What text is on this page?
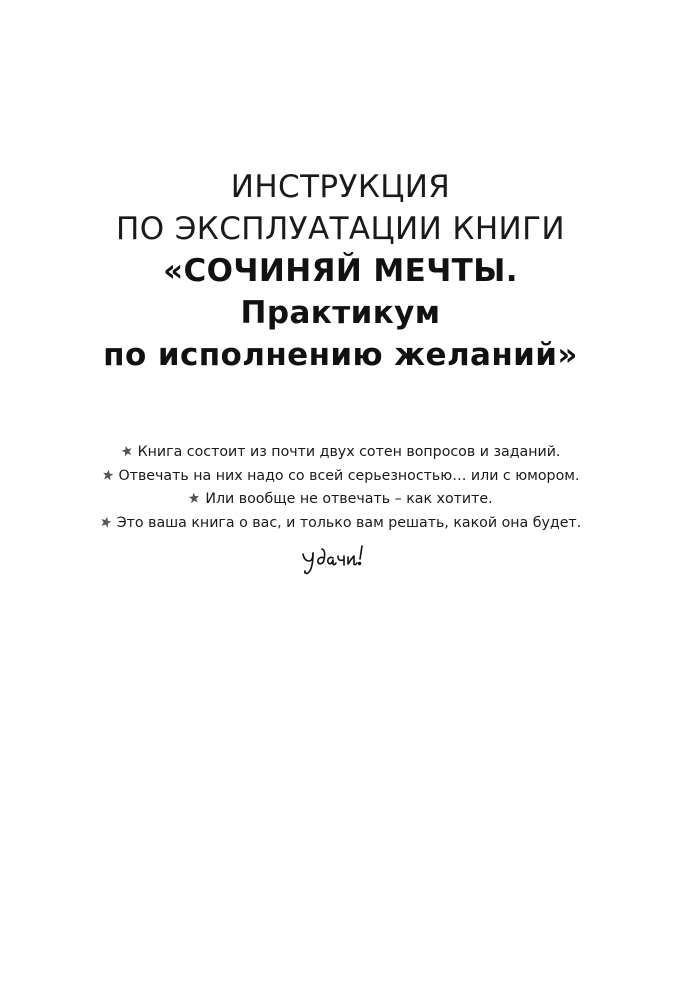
ИНСТРУКЦИЯ
ПО ЭКСПЛУАТАЦИИ КНИГИ
«СОЧИНЯЙ МЕЧТЫ.
Практикум
по исполнению желаний»
Книга состоит из почти двух сотен вопросов и заданий.
Отвечать на них надо со всей серьезностью… или с юмором.
Или вообще не отвечать – как хотите.
Это ваша книга о вас, и только вам решать, какой она будет.
